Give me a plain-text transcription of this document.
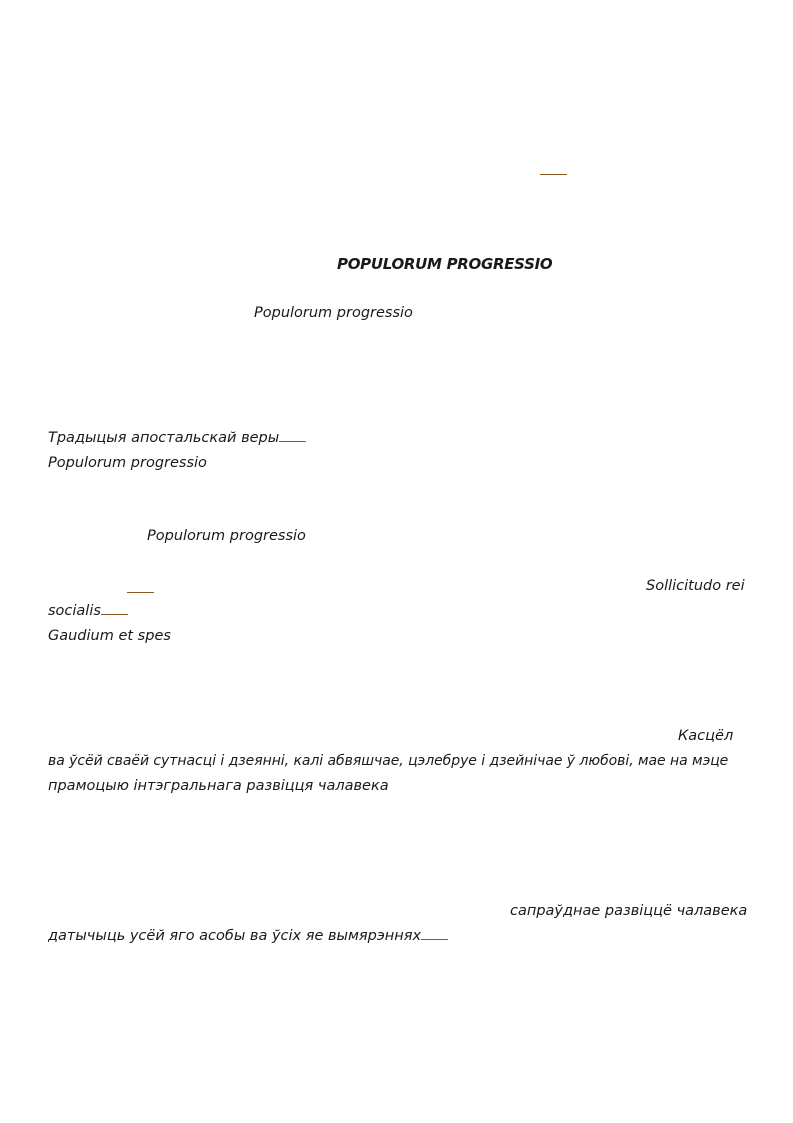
POPULORUM PROGRESSIO
Populorum progressio
Традыцыя апостальскай веры
Populorum progressio
Populorum progressio
Sollicitudo rei
socialis
Gaudium et spes
Касцёл
ва ўсёй сваёй сутнасці і дзеянні, калі абвяшчае, цэлебруе і дзейнічае ў любові, мае на мэце
прамоцыю інтэгральнага развіцця чалавека
сапраўднае развіццё чалавека
датычыць усёй яго асобы ва ўсіх яе вымярэннях
